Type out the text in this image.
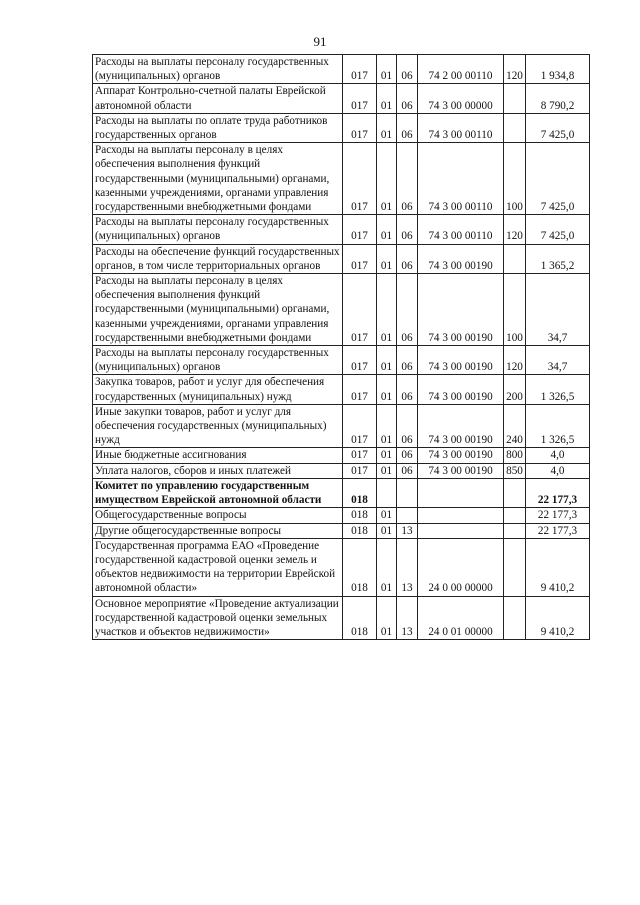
91
Расходы на выплаты персоналу государственных (муниципальных) органов	017	01	06	74 2 00 00110	120	1 934,8
Аппарат Контрольно-счетной палаты Еврейской автономной области	017	01	06	74 3 00 00000		8 790,2
Расходы на выплаты по оплате труда работников государственных органов	017	01	06	74 3 00 00110		7 425,0
Расходы на выплаты персоналу в целях обеспечения выполнения функций государственными (муниципальными) органами, казенными учреждениями, органами управления государственными внебюджетными фондами	017	01	06	74 3 00 00110	100	7 425,0
Расходы на выплаты персоналу государственных (муниципальных) органов	017	01	06	74 3 00 00110	120	7 425,0
Расходы на обеспечение функций государственных органов, в том числе территориальных органов	017	01	06	74 3 00 00190		1 365,2
Расходы на выплаты персоналу в целях обеспечения выполнения функций государственными (муниципальными) органами, казенными учреждениями, органами управления государственными внебюджетными фондами	017	01	06	74 3 00 00190	100	34,7
Расходы на выплаты персоналу государственных (муниципальных) органов	017	01	06	74 3 00 00190	120	34,7
Закупка товаров, работ и услуг для обеспечения государственных (муниципальных) нужд	017	01	06	74 3 00 00190	200	1 326,5
Иные закупки товаров, работ и услуг для обеспечения государственных (муниципальных) нужд	017	01	06	74 3 00 00190	240	1 326,5
Иные бюджетные ассигнования	017	01	06	74 3 00 00190	800	4,0
Уплата налогов, сборов и иных платежей	017	01	06	74 3 00 00190	850	4,0
Комитет по управлению государственным имуществом Еврейской автономной области	018					22 177,3
Общегосударственные вопросы	018	01				22 177,3
Другие общегосударственные вопросы	018	01	13			22 177,3
Государственная программа ЕАО «Проведение государственной кадастровой оценки земель и объектов недвижимости на территории Еврейской автономной области»	018	01	13	24 0 00 00000		9 410,2
Основное мероприятие «Проведение актуализации государственной кадастровой оценки земельных участков и объектов недвижимости»	018	01	13	24 0 01 00000		9 410,2
